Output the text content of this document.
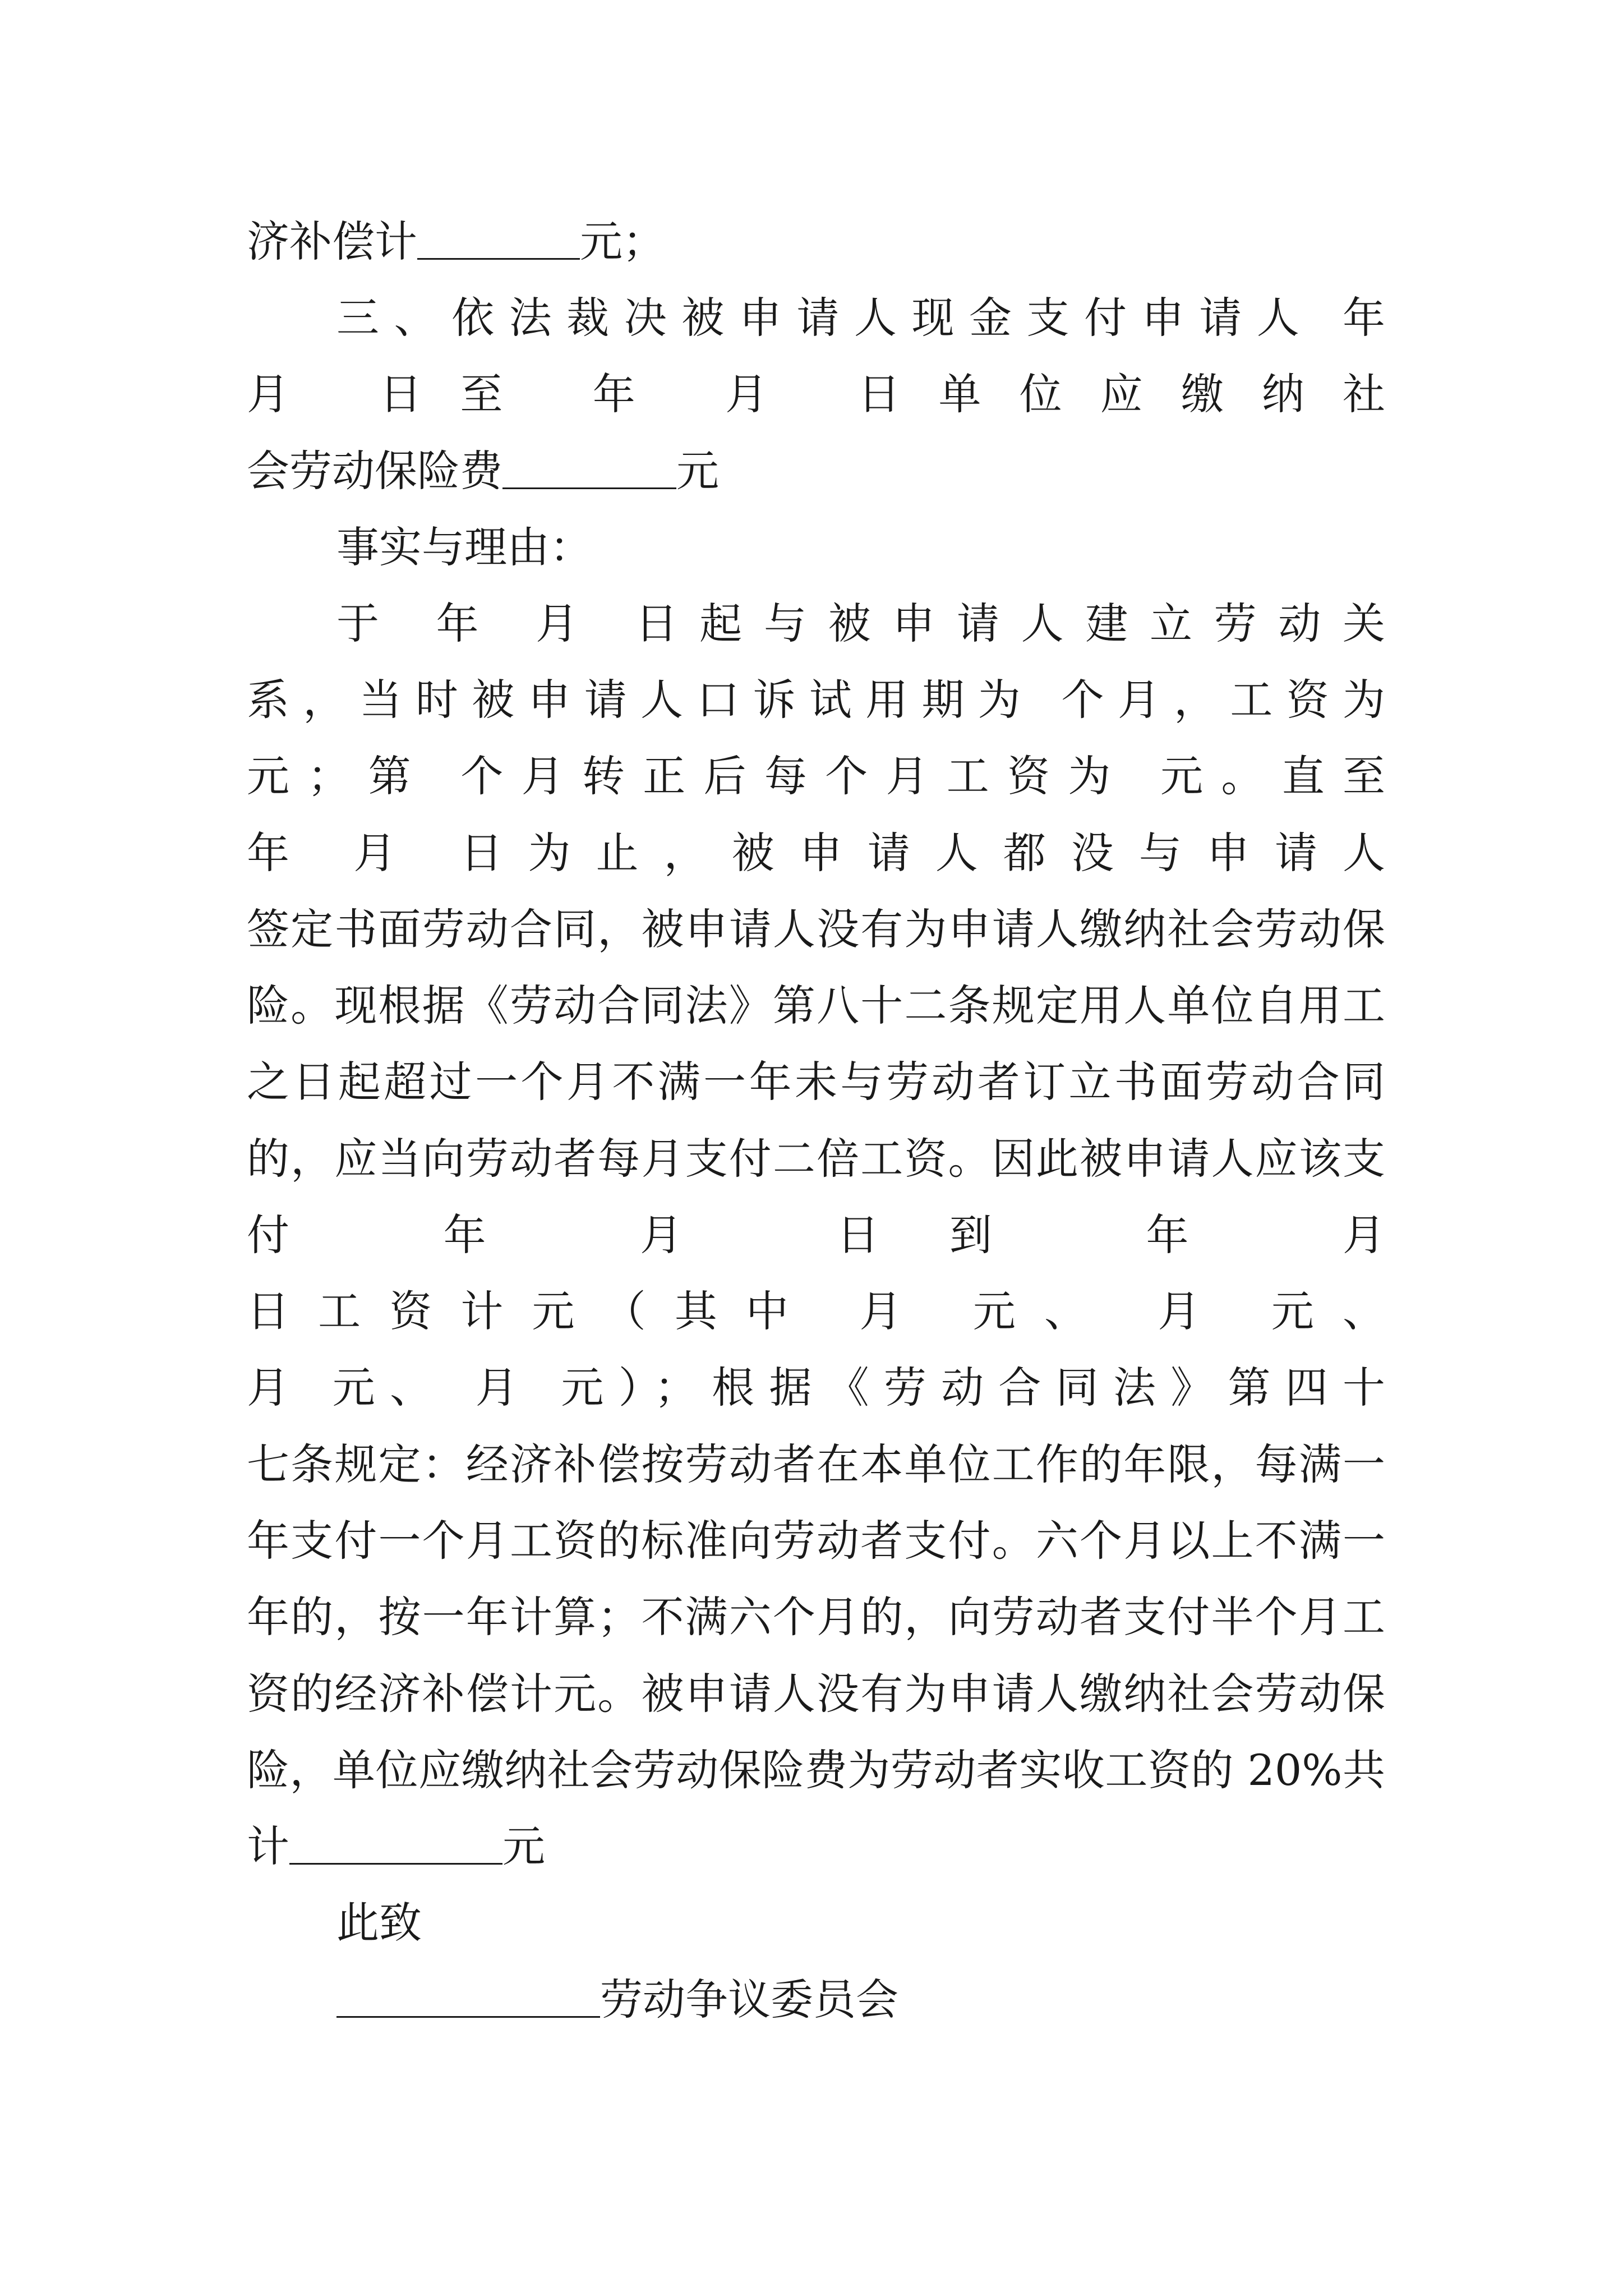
济补偿计	元；
三、依法裁决被申请人现金支付申请人 年
月 日至 年 月 日单位应缴纳社
会劳动保险费	元
事实与理由：
于 年 月 日起与被申请人建立劳动关
系，当时被申请人口诉试用期为 个月，工资为
元；第 个月转正后每个月工资为 元。直至
年 月 日为止，被申请人都没与申请人
签定书面劳动合同，被申请人没有为申请人缴纳社会劳动保
险。现根据《劳动合同法》第八十二条规定用人单位自用工
之日起超过一个月不满一年未与劳动者订立书面劳动合同
的，应当向劳动者每月支付二倍工资。因此被申请人应该支
付 年 月 日到 年 月
日工资计元（其中 月 元、 月 元、
月 元、 月 元）；根据《劳动合同法》第四十
七条规定：经济补偿按劳动者在本单位工作的年限，每满一
年支付一个月工资的标准向劳动者支付。六个月以上不满一
年的，按一年计算；不满六个月的，向劳动者支付半个月工
资的经济补偿计元。被申请人没有为申请人缴纳社会劳动保
险，单位应缴纳社会劳动保险费为劳动者实收工资的 20%共
计	元
此致
劳动争议委员会
